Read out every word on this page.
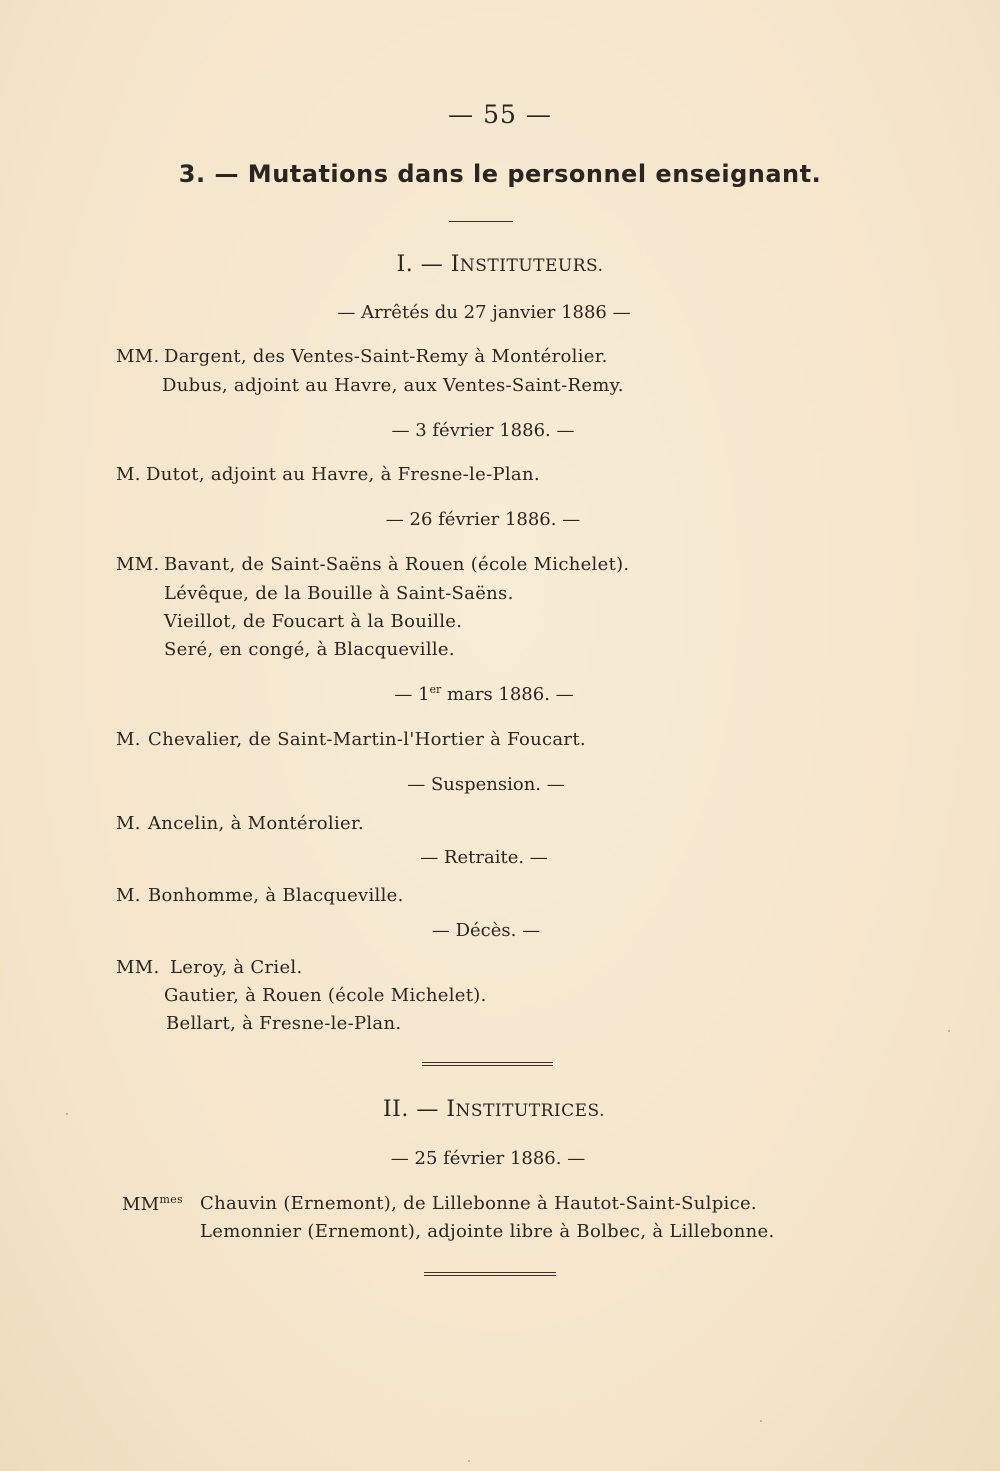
— 55 —
3. — Mutations dans le personnel enseignant.
I. — INSTITUTEURS.
— Arrêtés du 27 janvier 1886 —
MM. Dargent, des Ventes-Saint-Remy à Montérolier.
Dubus, adjoint au Havre, aux Ventes-Saint-Remy.
— 3 février 1886. —
M. Dutot, adjoint au Havre, à Fresne-le-Plan.
— 26 février 1886. —
MM. Bavant, de Saint-Saëns à Rouen (école Michelet).
Lévêque, de la Bouille à Saint-Saëns.
Vieillot, de Foucart à la Bouille.
Seré, en congé, à Blacqueville.
— 1er mars 1886. —
M. Chevalier, de Saint-Martin-l'Hortier à Foucart.
— Suspension. —
M. Ancelin, à Montérolier.
— Retraite. —
M. Bonhomme, à Blacqueville.
— Décès. —
MM. Leroy, à Criel.
Gautier, à Rouen (école Michelet).
Bellart, à Fresne-le-Plan.
II. — INSTITUTRICES.
— 25 février 1886. —
$MM^{mes}$ Chauvin (Ernemont), de Lillebonne à Hautot-Saint-Sulpice.
Lemonnier (Ernemont), adjointe libre à Bolbec, à Lillebonne.
